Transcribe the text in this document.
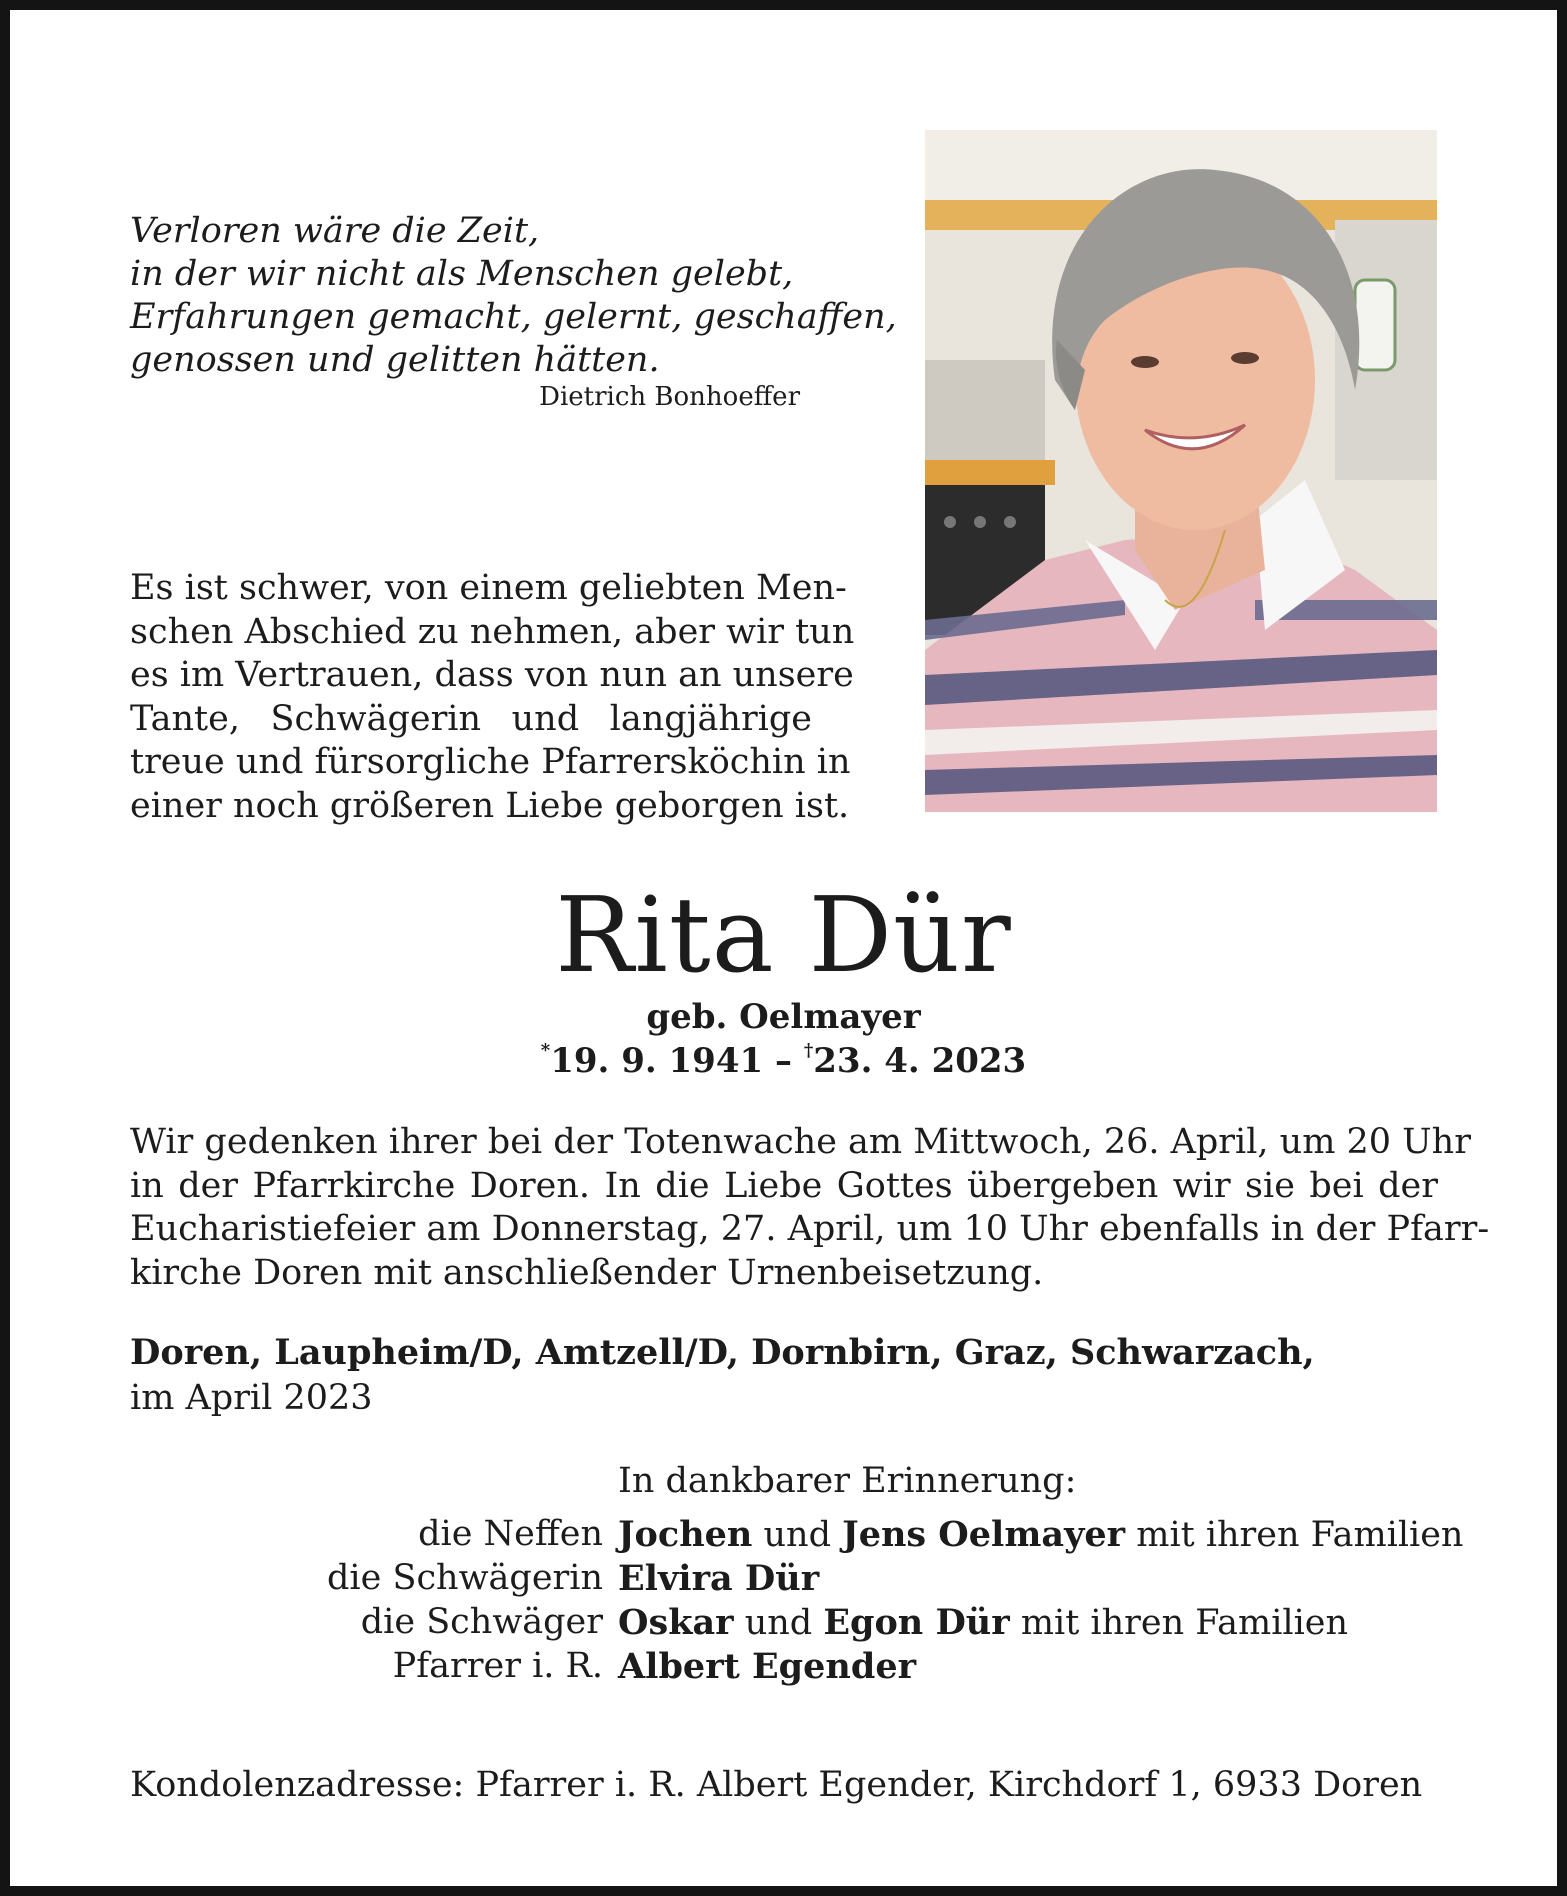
Verloren wäre die Zeit,
in der wir nicht als Menschen gelebt,
Erfahrungen gemacht, gelernt, geschaffen,
genossen und gelitten hätten.
Dietrich Bonhoeffer
Es ist schwer, von einem geliebten Men-
schen Abschied zu nehmen, aber wir tun
es im Vertrauen, dass von nun an unsere
Tante, Schwägerin und langjährige
treue und fürsorgliche Pfarrersköchin in
einer noch größeren Liebe geborgen ist.
Rita Dür
geb. Oelmayer
*19. 9. 1941 – †23. 4. 2023
Wir gedenken ihrer bei der Totenwache am Mittwoch, 26. April, um 20 Uhr
in der Pfarrkirche Doren. In die Liebe Gottes übergeben wir sie bei der
Eucharistiefeier am Donnerstag, 27. April, um 10 Uhr ebenfalls in der Pfarr-
kirche Doren mit anschließender Urnenbeisetzung.
Doren, Laupheim/D, Amtzell/D, Dornbirn, Graz, Schwarzach,
im April 2023
In dankbarer Erinnerung:
die Neffen Jochen und Jens Oelmayer mit ihren Familien
die Schwägerin Elvira Dür
die Schwäger Oskar und Egon Dür mit ihren Familien
Pfarrer i. R. Albert Egender
Kondolenzadresse: Pfarrer i. R. Albert Egender, Kirchdorf 1, 6933 Doren
